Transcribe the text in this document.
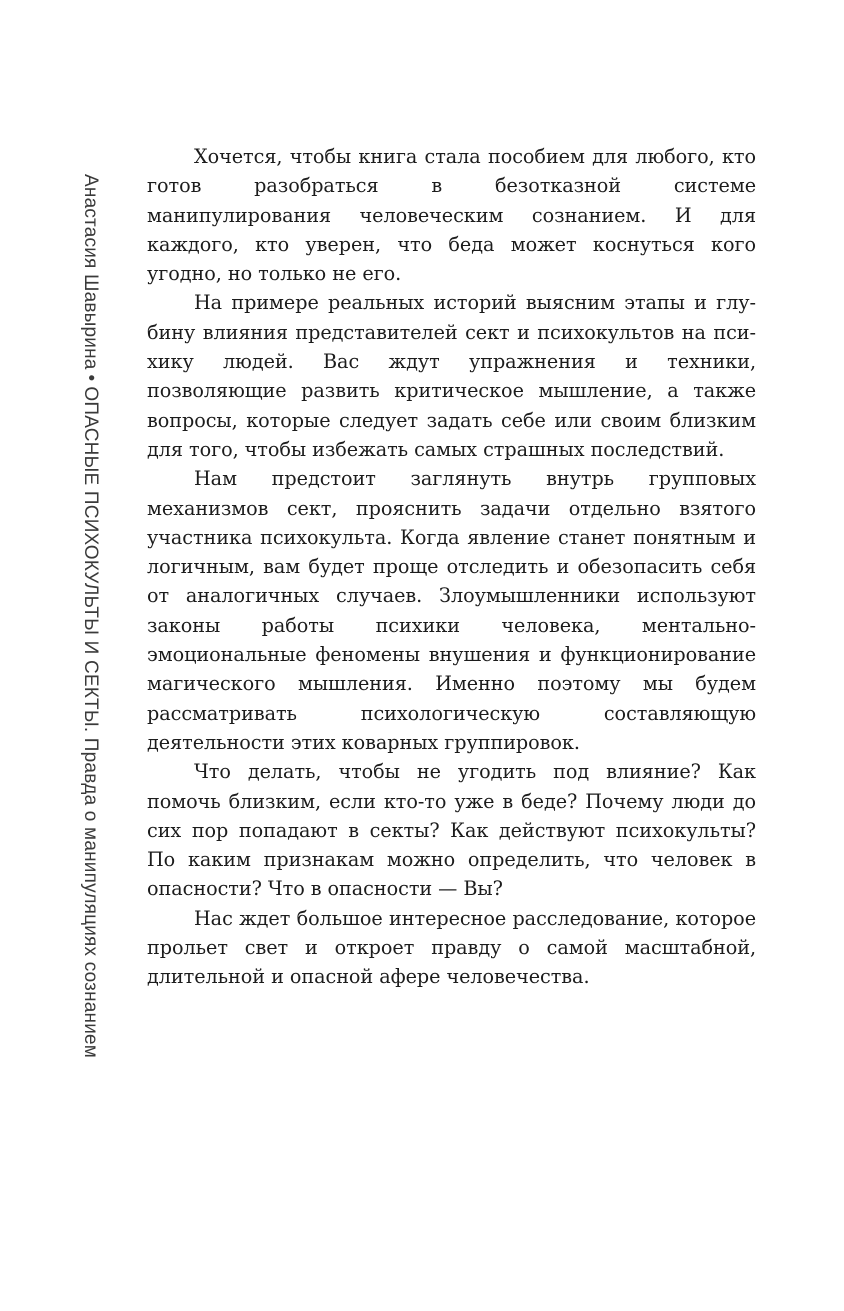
Анастасия Шавырина•ОПАСНЫЕ ПСИХОКУЛЬТЫ И СЕКТЫ. Правда о манипуляциях сознанием

Хочется, чтобы книга стала пособием для любого, кто готов разобраться в безотказной системе манипулирования человеческим сознанием. И для каждого, кто уверен, что беда может коснуться кого угодно, но только не его.

На примере реальных историй выясним этапы и глубину влияния представителей сект и психокультов на психику людей. Вас ждут упражнения и техники, позволяющие развить критическое мышление, а также вопросы, которые следует задать себе или своим близким для того, чтобы избежать самых страшных последствий.

Нам предстоит заглянуть внутрь групповых механизмов сект, прояснить задачи отдельно взятого участника психокульта. Когда явление станет понятным и логичным, вам будет проще отследить и обезопасить себя от аналогичных случаев. Злоумышленники используют законы работы психики человека, ментально-эмоциональные феномены внушения и функционирование магического мышления. Именно поэтому мы будем рассматривать психологическую составляющую деятельности этих коварных группировок.

Что делать, чтобы не угодить под влияние? Как помочь близким, если кто-то уже в беде? Почему люди до сих пор попадают в секты? Как действуют психокульты? По каким признакам можно определить, что человек в опасности? Что в опасности — Вы?

Нас ждет большое интересное расследование, которое прольет свет и откроет правду о самой масштабной, длительной и опасной афере человечества.
